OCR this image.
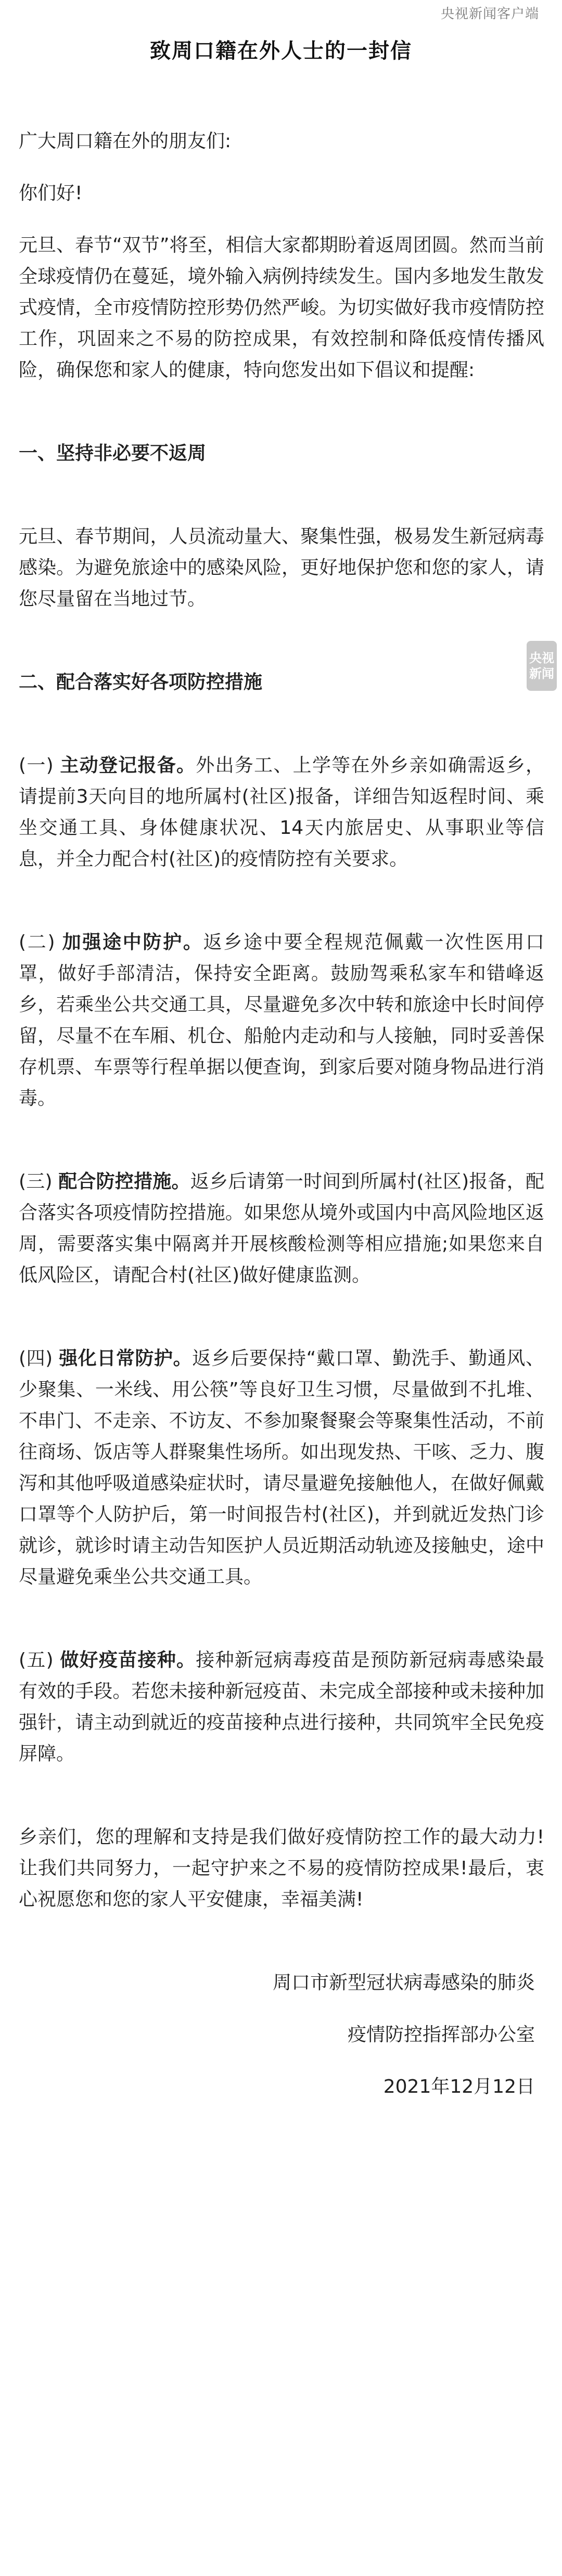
央视新闻客户端
央视
新闻
致周口籍在外人士的一封信

广大周口籍在外的朋友们:

你们好!

元旦、春节“双节”将至，相信大家都期盼着返周团圆。然而当前全球疫情仍在蔓延，境外输入病例持续发生。国内多地发生散发式疫情，全市疫情防控形势仍然严峻。为切实做好我市疫情防控工作，巩固来之不易的防控成果，有效控制和降低疫情传播风险，确保您和家人的健康，特向您发出如下倡议和提醒:

一、坚持非必要不返周

元旦、春节期间，人员流动量大、聚集性强，极易发生新冠病毒感染。为避免旅途中的感染风险，更好地保护您和您的家人，请您尽量留在当地过节。

二、配合落实好各项防控措施

(一) 主动登记报备。外出务工、上学等在外乡亲如确需返乡，请提前3天向目的地所属村(社区)报备，详细告知返程时间、乘坐交通工具、身体健康状况、14天内旅居史、从事职业等信息，并全力配合村(社区)的疫情防控有关要求。

(二) 加强途中防护。返乡途中要全程规范佩戴一次性医用口罩，做好手部清洁，保持安全距离。鼓励驾乘私家车和错峰返乡，若乘坐公共交通工具，尽量避免多次中转和旅途中长时间停留，尽量不在车厢、机仓、船舱内走动和与人接触，同时妥善保存机票、车票等行程单据以便查询，到家后要对随身物品进行消毒。

(三) 配合防控措施。返乡后请第一时间到所属村(社区)报备，配合落实各项疫情防控措施。如果您从境外或国内中高风险地区返周，需要落实集中隔离并开展核酸检测等相应措施;如果您来自低风险区，请配合村(社区)做好健康监测。

(四) 强化日常防护。返乡后要保持“戴口罩、勤洗手、勤通风、少聚集、一米线、用公筷”等良好卫生习惯，尽量做到不扎堆、不串门、不走亲、不访友、不参加聚餐聚会等聚集性活动，不前往商场、饭店等人群聚集性场所。如出现发热、干咳、乏力、腹泻和其他呼吸道感染症状时，请尽量避免接触他人，在做好佩戴口罩等个人防护后，第一时间报告村(社区)，并到就近发热门诊就诊，就诊时请主动告知医护人员近期活动轨迹及接触史，途中尽量避免乘坐公共交通工具。

(五) 做好疫苗接种。接种新冠病毒疫苗是预防新冠病毒感染最有效的手段。若您未接种新冠疫苗、未完成全部接种或未接种加强针，请主动到就近的疫苗接种点进行接种，共同筑牢全民免疫屏障。

乡亲们，您的理解和支持是我们做好疫情防控工作的最大动力!让我们共同努力，一起守护来之不易的疫情防控成果!最后，衷心祝愿您和您的家人平安健康，幸福美满!

周口市新型冠状病毒感染的肺炎

疫情防控指挥部办公室

2021年12月12日
